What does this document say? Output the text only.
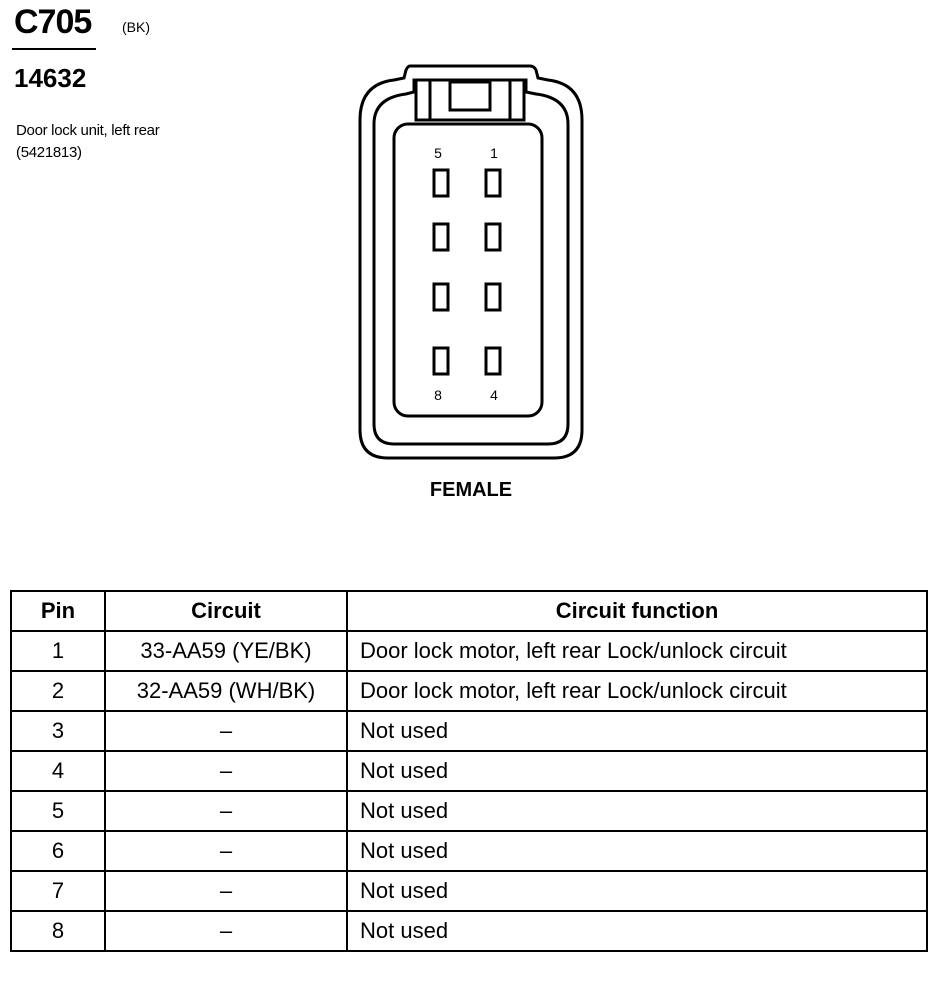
C705 (BK)
14632
Door lock unit, left rear (5421813)	5	1
8	4
FEMALE
Pin	Circuit	Circuit function
1	33-AA59 (YE/BK)	Door lock motor, left rear Lock/unlock circuit
2	32-AA59 (WH/BK)	Door lock motor, left rear Lock/unlock circuit
3	–	Not used
4	–	Not used
5	–	Not used
6	–	Not used
7	–	Not used
8	–	Not used
